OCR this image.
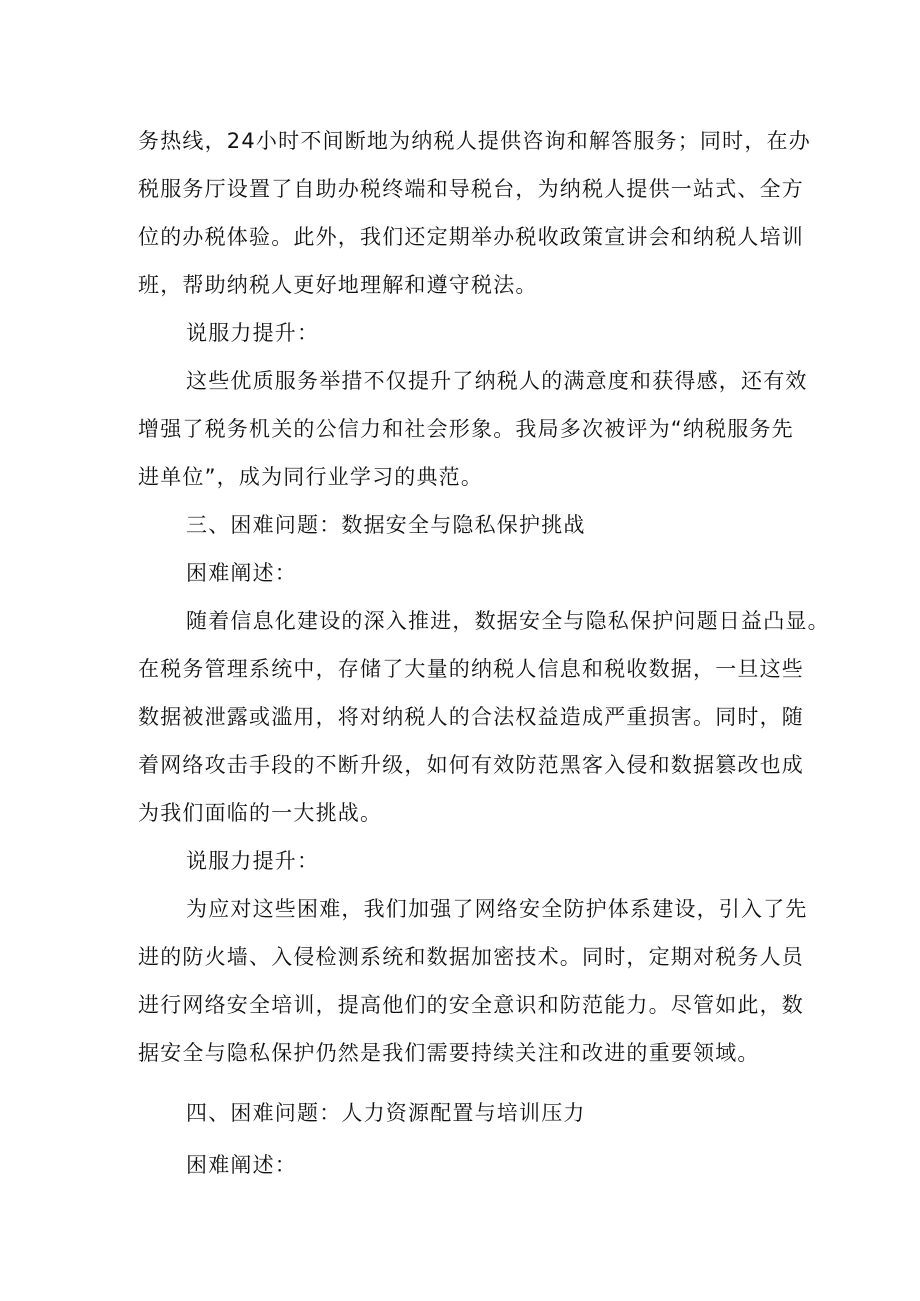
务热线，24小时不间断地为纳税人提供咨询和解答服务；同时，在办
税服务厅设置了自助办税终端和导税台，为纳税人提供一站式、全方
位的办税体验。此外，我们还定期举办税收政策宣讲会和纳税人培训
班，帮助纳税人更好地理解和遵守税法。
说服力提升：
这些优质服务举措不仅提升了纳税人的满意度和获得感，还有效
增强了税务机关的公信力和社会形象。我局多次被评为“纳税服务先
进单位”，成为同行业学习的典范。
三、困难问题：数据安全与隐私保护挑战
困难阐述：
随着信息化建设的深入推进，数据安全与隐私保护问题日益凸显。
在税务管理系统中，存储了大量的纳税人信息和税收数据，一旦这些
数据被泄露或滥用，将对纳税人的合法权益造成严重损害。同时，随
着网络攻击手段的不断升级，如何有效防范黑客入侵和数据篡改也成
为我们面临的一大挑战。
说服力提升：
为应对这些困难，我们加强了网络安全防护体系建设，引入了先
进的防火墙、入侵检测系统和数据加密技术。同时，定期对税务人员
进行网络安全培训，提高他们的安全意识和防范能力。尽管如此，数
据安全与隐私保护仍然是我们需要持续关注和改进的重要领域。
四、困难问题：人力资源配置与培训压力
困难阐述：
